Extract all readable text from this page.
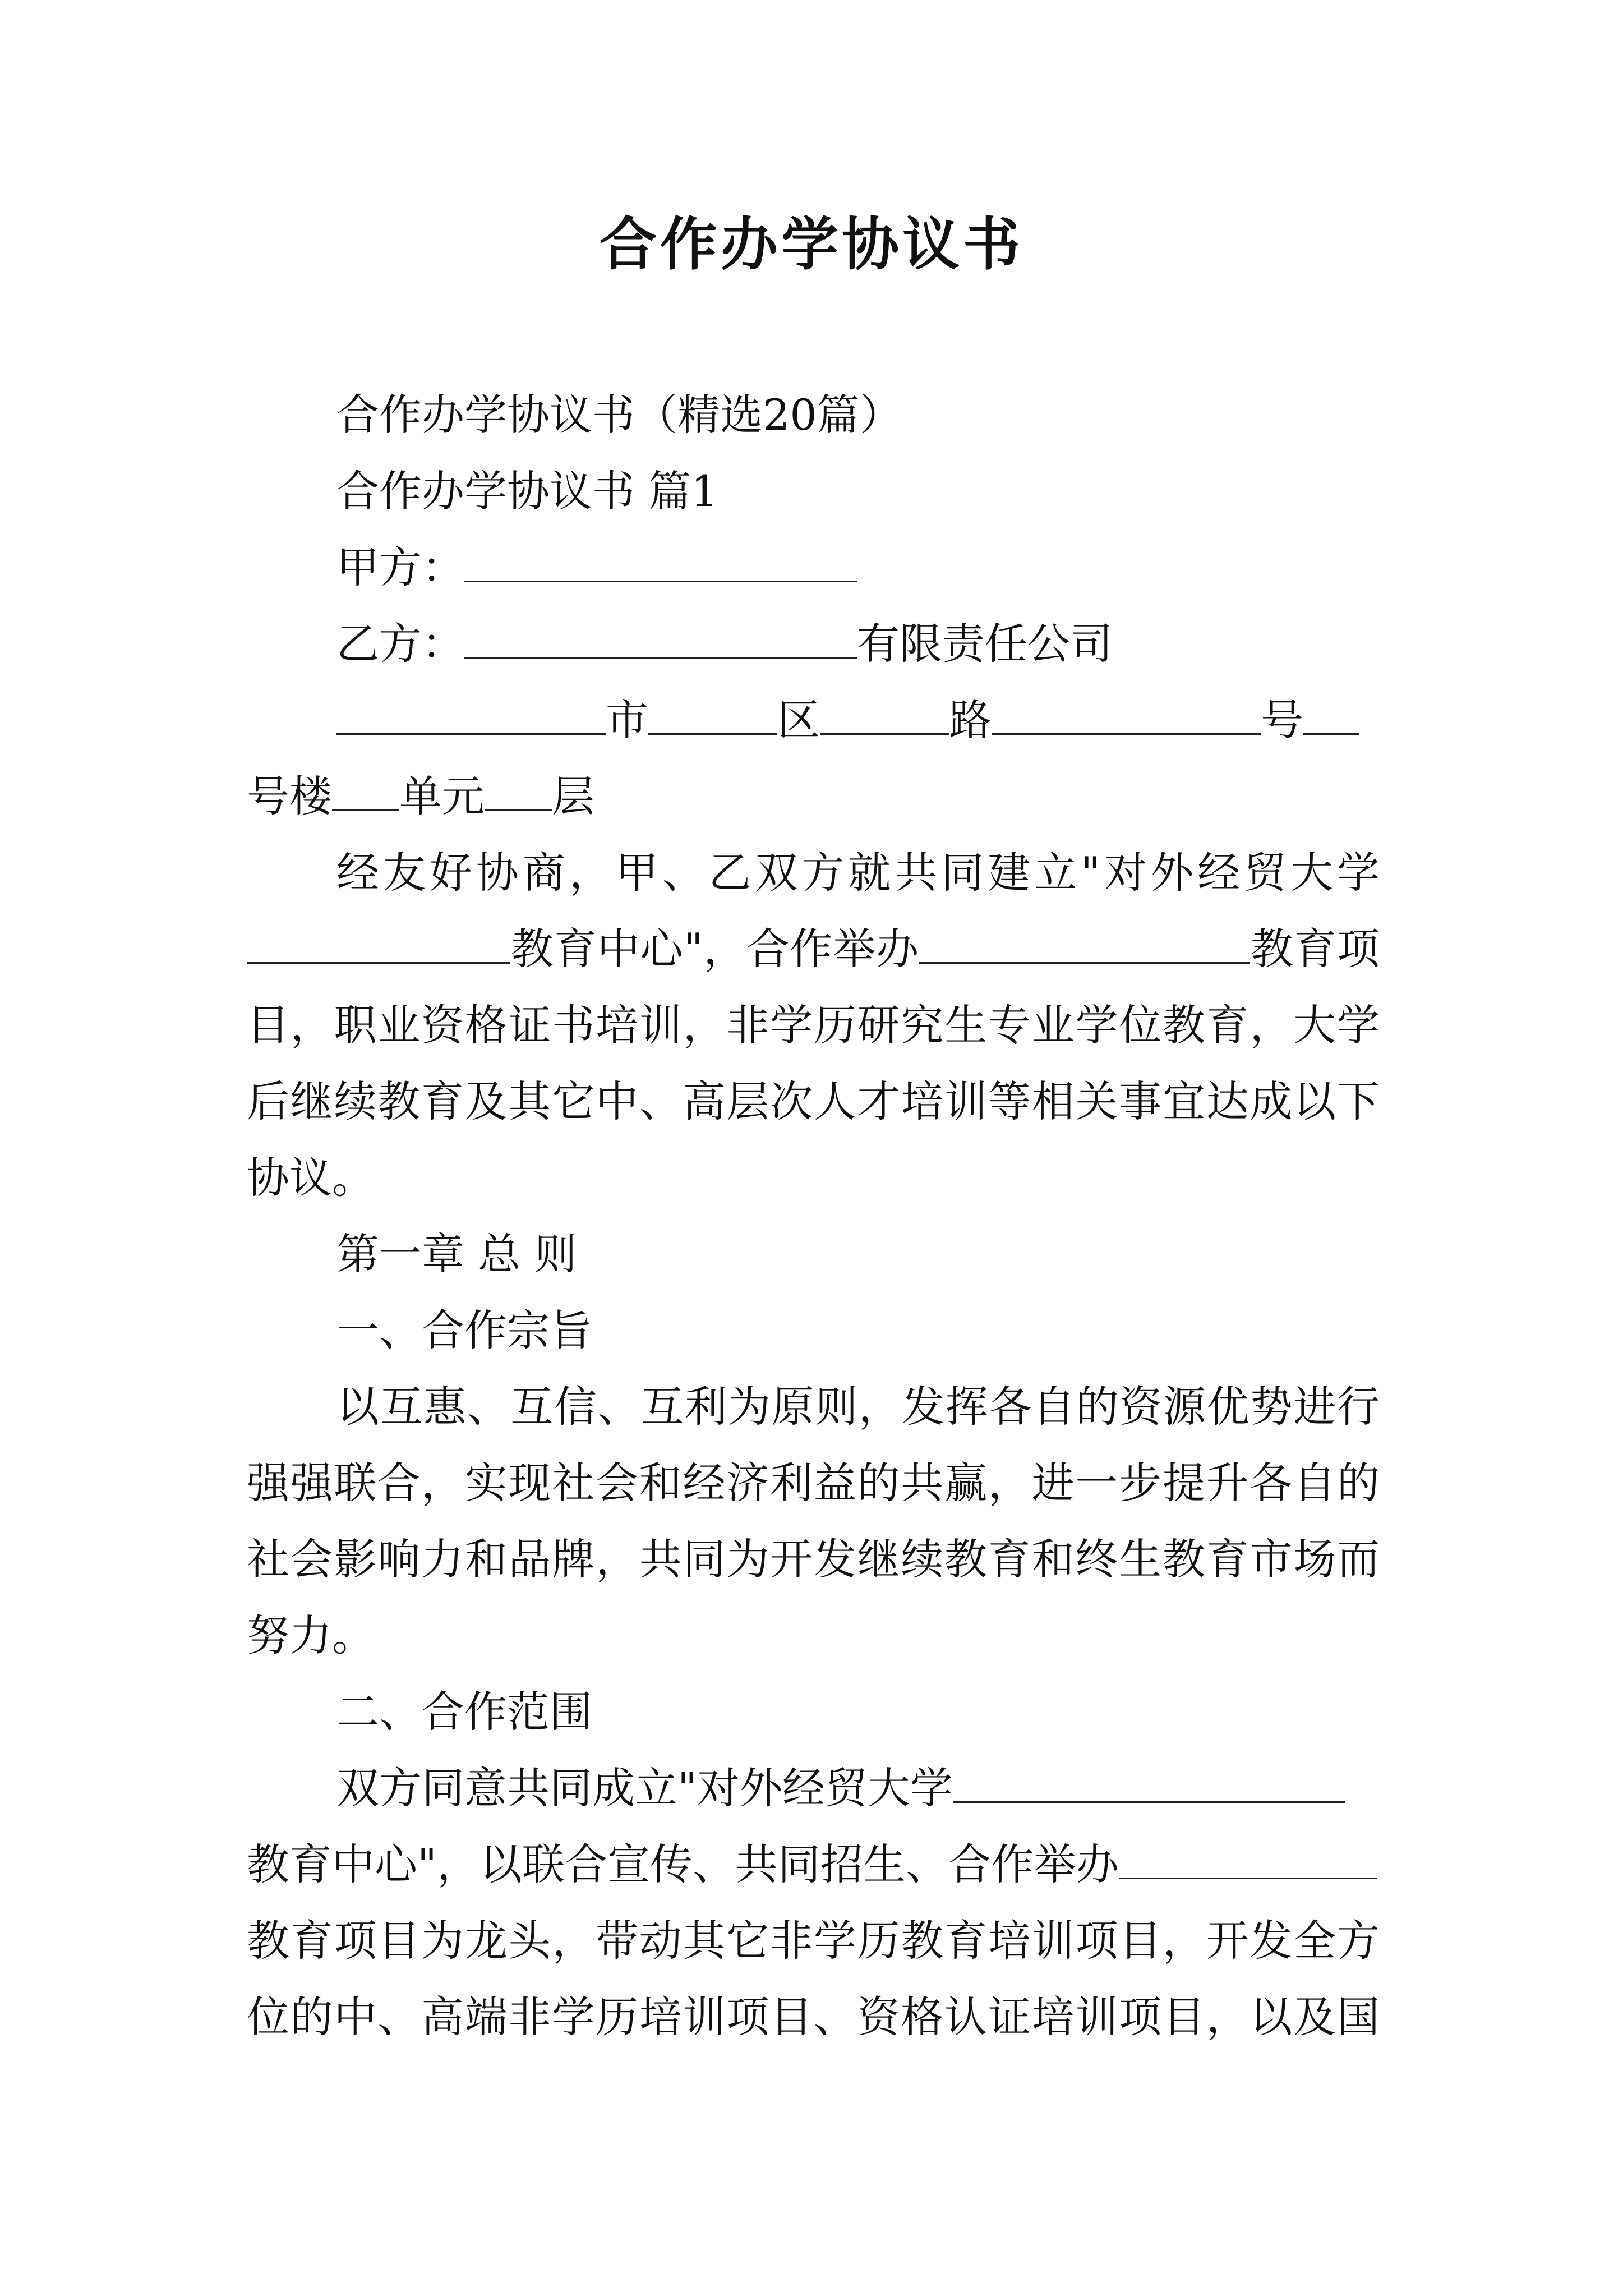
合作办学协议书
合作办学协议书（精选20篇）
合作办学协议书 篇1
甲方：
乙方：	有限责任公司
市	区	路	号
号楼 单元 层
经友好协商，甲、乙双方就共同建立"对外经贸大学
教育中心"，合作举办	教育项
目，职业资格证书培训，非学历研究生专业学位教育，大学
后继续教育及其它中、高层次人才培训等相关事宜达成以下
协议。
第一章 总 则
一、合作宗旨
以互惠、互信、互利为原则，发挥各自的资源优势进行
强强联合，实现社会和经济利益的共赢，进一步提升各自的
社会影响力和品牌，共同为开发继续教育和终生教育市场而
努力。
二、合作范围
双方同意共同成立"对外经贸大学
教育中心"，以联合宣传、共同招生、合作举办
教育项目为龙头，带动其它非学历教育培训项目，开发全方
位的中、高端非学历培训项目、资格认证培训项目，以及国
